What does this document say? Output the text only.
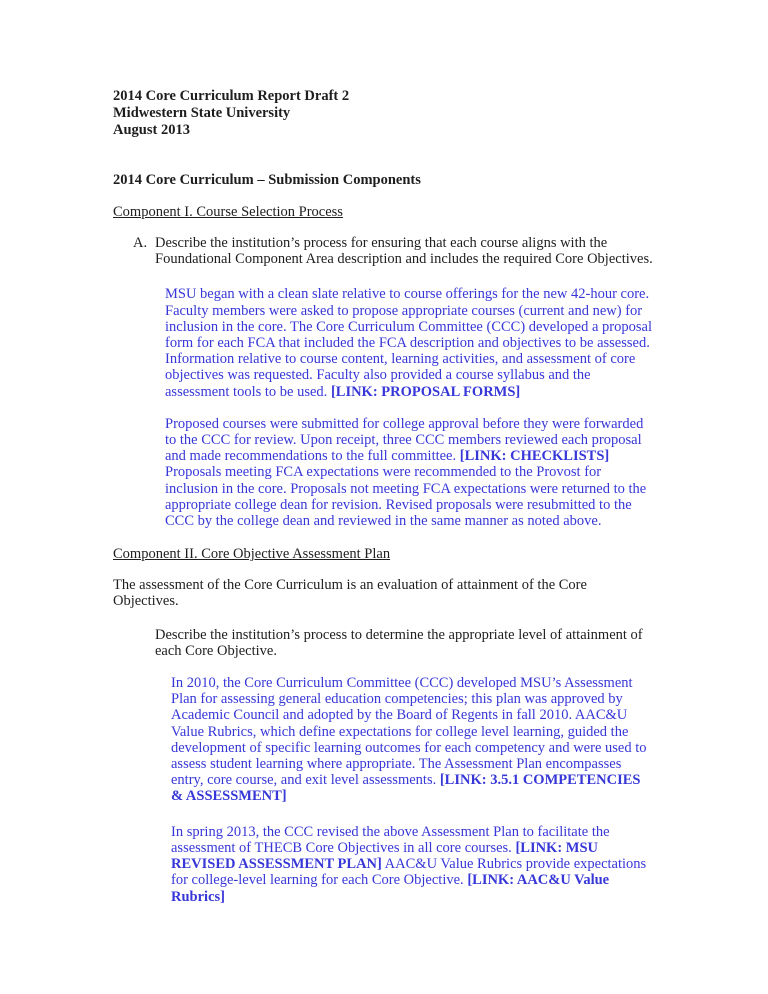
2014 Core Curriculum Report Draft 2
Midwestern State University
August 2013
2014 Core Curriculum – Submission Components
Component I. Course Selection Process
A. Describe the institution’s process for ensuring that each course aligns with the Foundational Component Area description and includes the required Core Objectives.

MSU began with a clean slate relative to course offerings for the new 42-hour core. Faculty members were asked to propose appropriate courses (current and new) for inclusion in the core. The Core Curriculum Committee (CCC) developed a proposal form for each FCA that included the FCA description and objectives to be assessed. Information relative to course content, learning activities, and assessment of core objectives was requested. Faculty also provided a course syllabus and the assessment tools to be used. [LINK: PROPOSAL FORMS]

Proposed courses were submitted for college approval before they were forwarded to the CCC for review. Upon receipt, three CCC members reviewed each proposal and made recommendations to the full committee. [LINK: CHECKLISTS] Proposals meeting FCA expectations were recommended to the Provost for inclusion in the core. Proposals not meeting FCA expectations were returned to the appropriate college dean for revision. Revised proposals were resubmitted to the CCC by the college dean and reviewed in the same manner as noted above.

Component II. Core Objective Assessment Plan

The assessment of the Core Curriculum is an evaluation of attainment of the Core Objectives.

Describe the institution’s process to determine the appropriate level of attainment of each Core Objective.

In 2010, the Core Curriculum Committee (CCC) developed MSU’s Assessment Plan for assessing general education competencies; this plan was approved by Academic Council and adopted by the Board of Regents in fall 2010. AAC&U Value Rubrics, which define expectations for college level learning, guided the development of specific learning outcomes for each competency and were used to assess student learning where appropriate. The Assessment Plan encompasses entry, core course, and exit level assessments. [LINK: 3.5.1 COMPETENCIES & ASSESSMENT]

In spring 2013, the CCC revised the above Assessment Plan to facilitate the assessment of THECB Core Objectives in all core courses. [LINK: MSU REVISED ASSESSMENT PLAN] AAC&U Value Rubrics provide expectations for college-level learning for each Core Objective. [LINK: AAC&U Value Rubrics]
